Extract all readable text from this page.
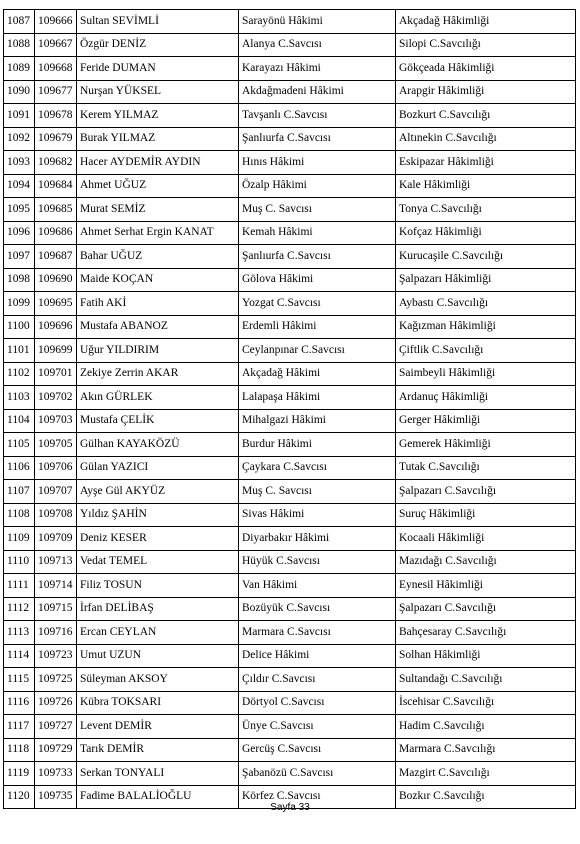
1087	109666	Sultan SEVİMLİ	Sarayönü Hâkimi	Akçadağ Hâkimliği
1088	109667	Özgür DENİZ	Alanya C.Savcısı	Silopi C.Savcılığı
1089	109668	Feride DUMAN	Karayazı Hâkimi	Gökçeada Hâkimliği
1090	109677	Nurşan YÜKSEL	Akdağmadeni Hâkimi	Arapgir Hâkimliği
1091	109678	Kerem YILMAZ	Tavşanlı C.Savcısı	Bozkurt C.Savcılığı
1092	109679	Burak YILMAZ	Şanlıurfa C.Savcısı	Altınekin C.Savcılığı
1093	109682	Hacer AYDEMİR AYDIN	Hınıs Hâkimi	Eskipazar Hâkimliği
1094	109684	Ahmet UĞUZ	Özalp Hâkimi	Kale Hâkimliği
1095	109685	Murat SEMİZ	Muş C. Savcısı	Tonya C.Savcılığı
1096	109686	Ahmet Serhat Ergin KANAT	Kemah Hâkimi	Kofçaz Hâkimliği
1097	109687	Bahar UĞUZ	Şanlıurfa C.Savcısı	Kurucaşile C.Savcılığı
1098	109690	Maide KOÇAN	Gölova Hâkimi	Şalpazarı Hâkimliği
1099	109695	Fatih AKİ	Yozgat C.Savcısı	Aybastı C.Savcılığı
1100	109696	Mustafa ABANOZ	Erdemli Hâkimi	Kağızman Hâkimliği
1101	109699	Uğur YILDIRIM	Ceylanpınar C.Savcısı	Çiftlik C.Savcılığı
1102	109701	Zekiye Zerrin AKAR	Akçadağ Hâkimi	Saimbeyli Hâkimliği
1103	109702	Akın GÜRLEK	Lalapaşa Hâkimi	Ardanuç Hâkimliği
1104	109703	Mustafa ÇELİK	Mihalgazi Hâkimi	Gerger Hâkimliği
1105	109705	Gülhan KAYAKÖZÜ	Burdur Hâkimi	Gemerek Hâkimliği
1106	109706	Gülan YAZICI	Çaykara C.Savcısı	Tutak C.Savcılığı
1107	109707	Ayşe Gül AKYÜZ	Muş C. Savcısı	Şalpazarı C.Savcılığı
1108	109708	Yıldız ŞAHİN	Sivas Hâkimi	Suruç Hâkimliği
1109	109709	Deniz KESER	Diyarbakır Hâkimi	Kocaali Hâkimliği
1110	109713	Vedat TEMEL	Hüyük C.Savcısı	Mazıdağı C.Savcılığı
1111	109714	Filiz TOSUN	Van Hâkimi	Eynesil Hâkimliği
1112	109715	İrfan DELİBAŞ	Bozüyük C.Savcısı	Şalpazarı C.Savcılığı
1113	109716	Ercan CEYLAN	Marmara C.Savcısı	Bahçesaray C.Savcılığı
1114	109723	Umut UZUN	Delice Hâkimi	Solhan Hâkimliği
1115	109725	Süleyman AKSOY	Çıldır C.Savcısı	Sultandağı C.Savcılığı
1116	109726	Kübra TOKSARI	Dörtyol C.Savcısı	İscehisar C.Savcılığı
1117	109727	Levent DEMİR	Ünye C.Savcısı	Hadim C.Savcılığı
1118	109729	Tarık DEMİR	Gercüş C.Savcısı	Marmara C.Savcılığı
1119	109733	Serkan TONYALI	Şabanözü C.Savcısı	Mazgirt C.Savcılığı
1120	109735	Fadime BALALİOĞLU	Körfez C.Savcısı	Bozkır C.Savcılığı
Sayfa 33
